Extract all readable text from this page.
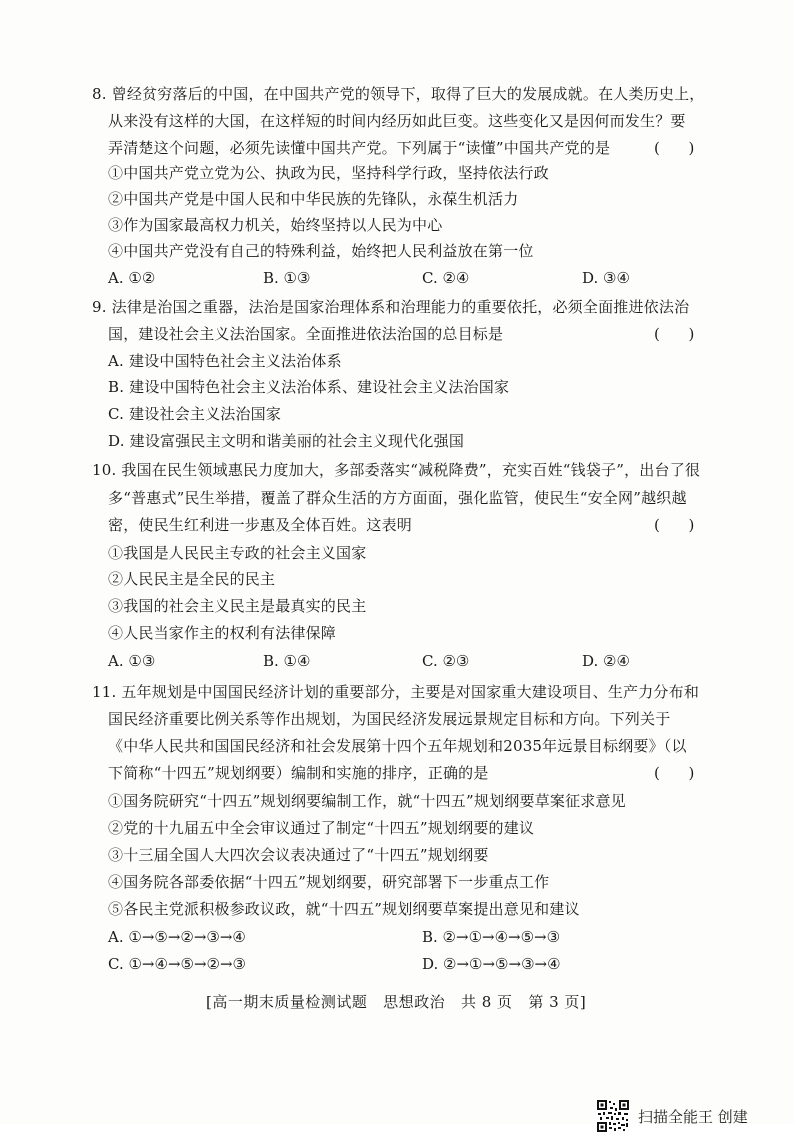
8. 曾经贫穷落后的中国，在中国共产党的领导下，取得了巨大的发展成就。在人类历史上，
从来没有这样的大国，在这样短的时间内经历如此巨变。这些变化又是因何而发生？要
弄清楚这个问题，必须先读懂中国共产党。下列属于“读懂”中国共产党的是	(      )
①中国共产党立党为公、执政为民，坚持科学行政，坚持依法行政
②中国共产党是中国人民和中华民族的先锋队，永葆生机活力
③作为国家最高权力机关，始终坚持以人民为中心
④中国共产党没有自己的特殊利益，始终把人民利益放在第一位
A. ①②	B. ①③	C. ②④	D. ③④
9. 法律是治国之重器，法治是国家治理体系和治理能力的重要依托，必须全面推进依法治
国，建设社会主义法治国家。全面推进依法治国的总目标是	(      )
A. 建设中国特色社会主义法治体系
B. 建设中国特色社会主义法治体系、建设社会主义法治国家
C. 建设社会主义法治国家
D. 建设富强民主文明和谐美丽的社会主义现代化强国
10. 我国在民生领域惠民力度加大，多部委落实“减税降费”，充实百姓“钱袋子”，出台了很
多“普惠式”民生举措，覆盖了群众生活的方方面面，强化监管，使民生“安全网”越织越
密，使民生红利进一步惠及全体百姓。这表明	(      )
①我国是人民民主专政的社会主义国家
②人民民主是全民的民主
③我国的社会主义民主是最真实的民主
④人民当家作主的权利有法律保障
A. ①③	B. ①④	C. ②③	D. ②④
11. 五年规划是中国国民经济计划的重要部分，主要是对国家重大建设项目、生产力分布和
国民经济重要比例关系等作出规划，为国民经济发展远景规定目标和方向。下列关于
《中华人民共和国国民经济和社会发展第十四个五年规划和2035年远景目标纲要》（以
下简称“十四五”规划纲要）编制和实施的排序，正确的是	(      )
①国务院研究“十四五”规划纲要编制工作，就“十四五”规划纲要草案征求意见
②党的十九届五中全会审议通过了制定“十四五”规划纲要的建议
③十三届全国人大四次会议表决通过了“十四五”规划纲要
④国务院各部委依据“十四五”规划纲要，研究部署下一步重点工作
⑤各民主党派积极参政议政，就“十四五”规划纲要草案提出意见和建议
A. ①→⑤→②→③→④	B. ②→①→④→⑤→③
C. ①→④→⑤→②→③	D. ②→①→⑤→③→④
[高一期末质量检测试题   思想政治   共 8 页   第 3 页]
扫描全能王 创建
